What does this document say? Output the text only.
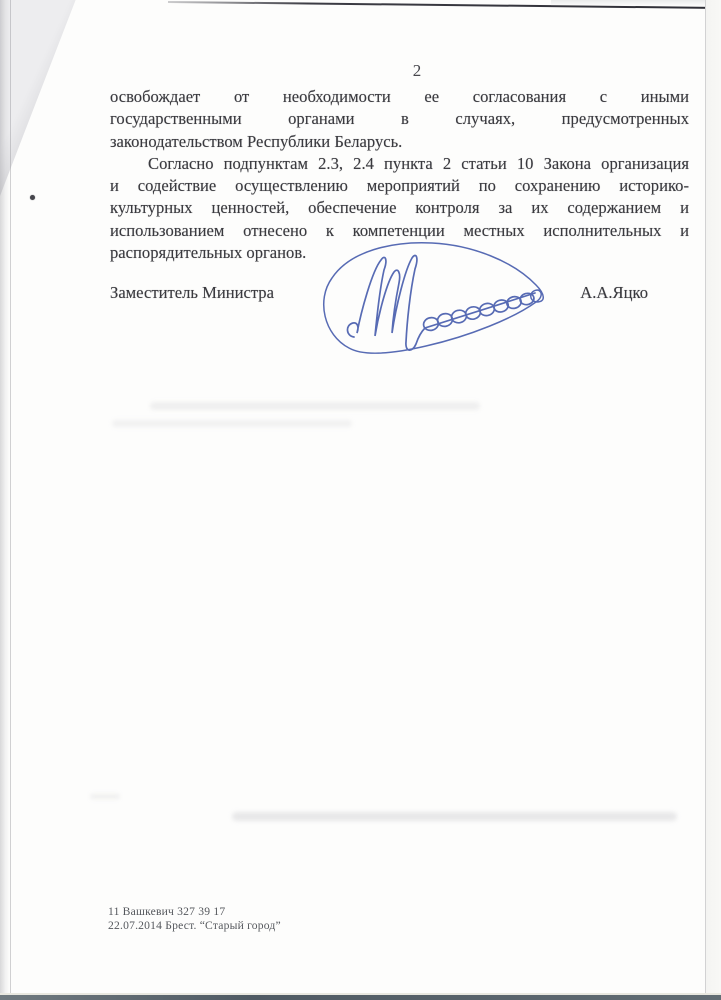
2
освобождает от необходимости ее согласования с иными
государственными органами в случаях, предусмотренных
законодательством Республики Беларусь.
Согласно подпунктам 2.3, 2.4 пункта 2 статьи 10 Закона организация
и содействие осуществлению мероприятий по сохранению историко-
культурных ценностей, обеспечение контроля за их содержанием и
использованием отнесено к компетенции местных исполнительных и
распорядительных органов.
Заместитель Министра	А.А.Яцко
11 Вашкевич 327 39 17
22.07.2014 Брест. “Старый город”
